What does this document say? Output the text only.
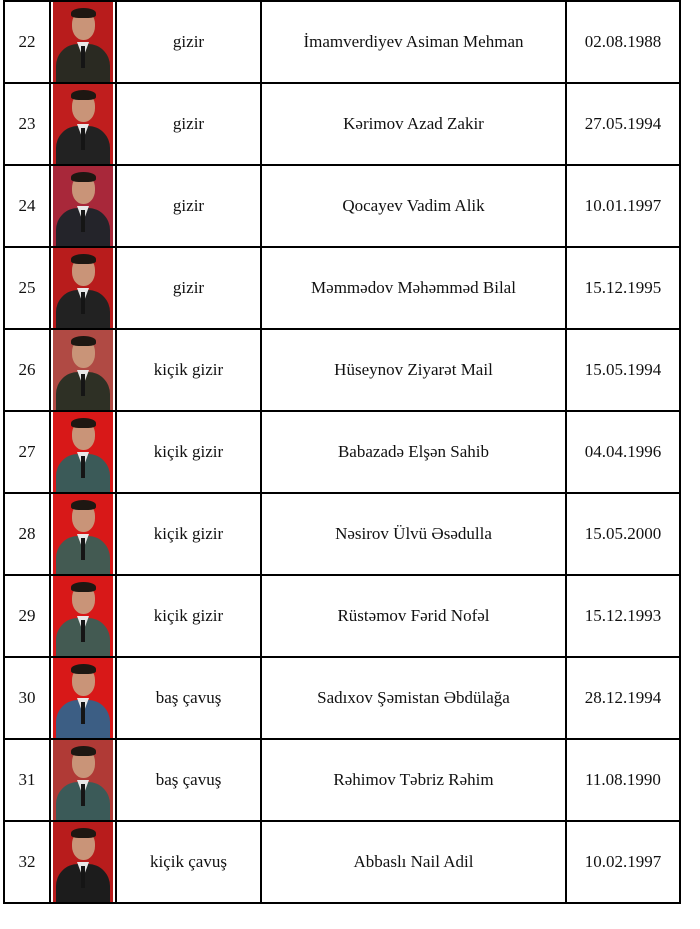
22		gizir	İmamverdiyev Asiman Mehman	02.08.1988
23		gizir	Kərimov Azad Zakir	27.05.1994
24		gizir	Qocayev Vadim Alik	10.01.1997
25		gizir	Məmmədov Məhəmməd Bilal	15.12.1995
26		kiçik gizir	Hüseynov Ziyarət Mail	15.05.1994
27		kiçik gizir	Babazadə Elşən Sahib	04.04.1996
28		kiçik gizir	Nəsirov Ülvü Əsədulla	15.05.2000
29		kiçik gizir	Rüstəmov Fərid Nofəl	15.12.1993
30		baş çavuş	Sadıxov Şəmistan Əbdülağa	28.12.1994
31		baş çavuş	Rəhimov Təbriz Rəhim	11.08.1990
32		kiçik çavuş	Abbaslı Nail Adil	10.02.1997
